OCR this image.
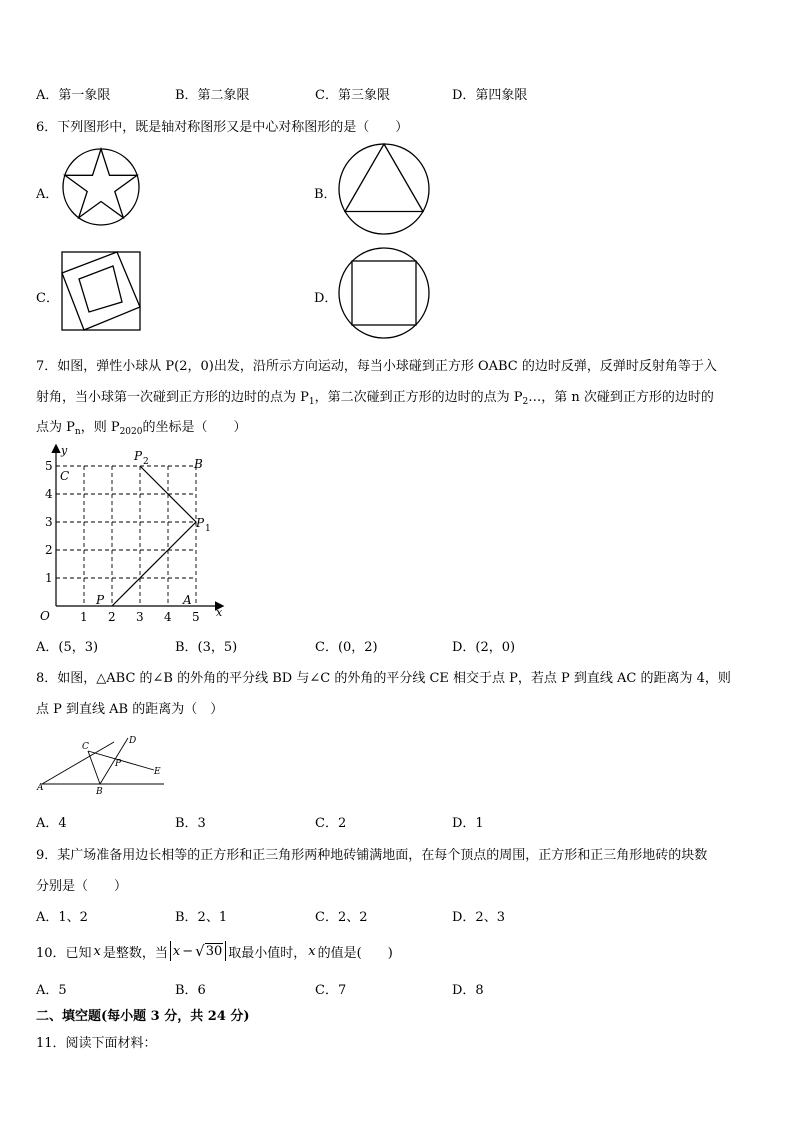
A．第一象限	B．第二象限	C．第三象限	D．第四象限
6．下列图形中，既是轴对称图形又是中心对称图形的是（　　）
A．	B．
C．	D．
7．如图，弹性小球从 P(2，0)出发，沿所示方向运动，每当小球碰到正方形 OABC 的边时反弹，反弹时反射角等于入
射角，当小球第一次碰到正方形的边时的点为 $P_1$，第二次碰到正方形的边时的点为 $P_2\dots$，第 n 次碰到正方形的边时的
点为 $P_n$，则 $P_{2020}$的坐标是（　　）
y
x
O
1
2
3
4
5
1 2 3 4 5
P	A
P 1
P 2	B
C
A．(5，3)	B．(3，5)	C．(0，2)	D．(2，0)
8．如图，△ABC 的∠B 的外角的平分线 BD 与∠C 的外角的平分线 CE 相交于点 P，若点 P 到直线 AC 的距离为 4，则
点 P 到直线 AB 的距离为（　）
A	B
C
D
E
P
A．4	B．3	C．2	D．1
9．某广场准备用边长相等的正方形和正三角形两种地砖铺满地面，在每个顶点的周围，正方形和正三角形地砖的块数
分别是（　　）
A．1、2	B．2、1	C．2、2	D．2、3
10．已知 x 是整数，当 x − √ 30 取最小值时， x 的值是(　　)
A．5	B．6	C．7	D．8
二、填空题(每小题 3 分，共 24 分)
11．阅读下面材料：
